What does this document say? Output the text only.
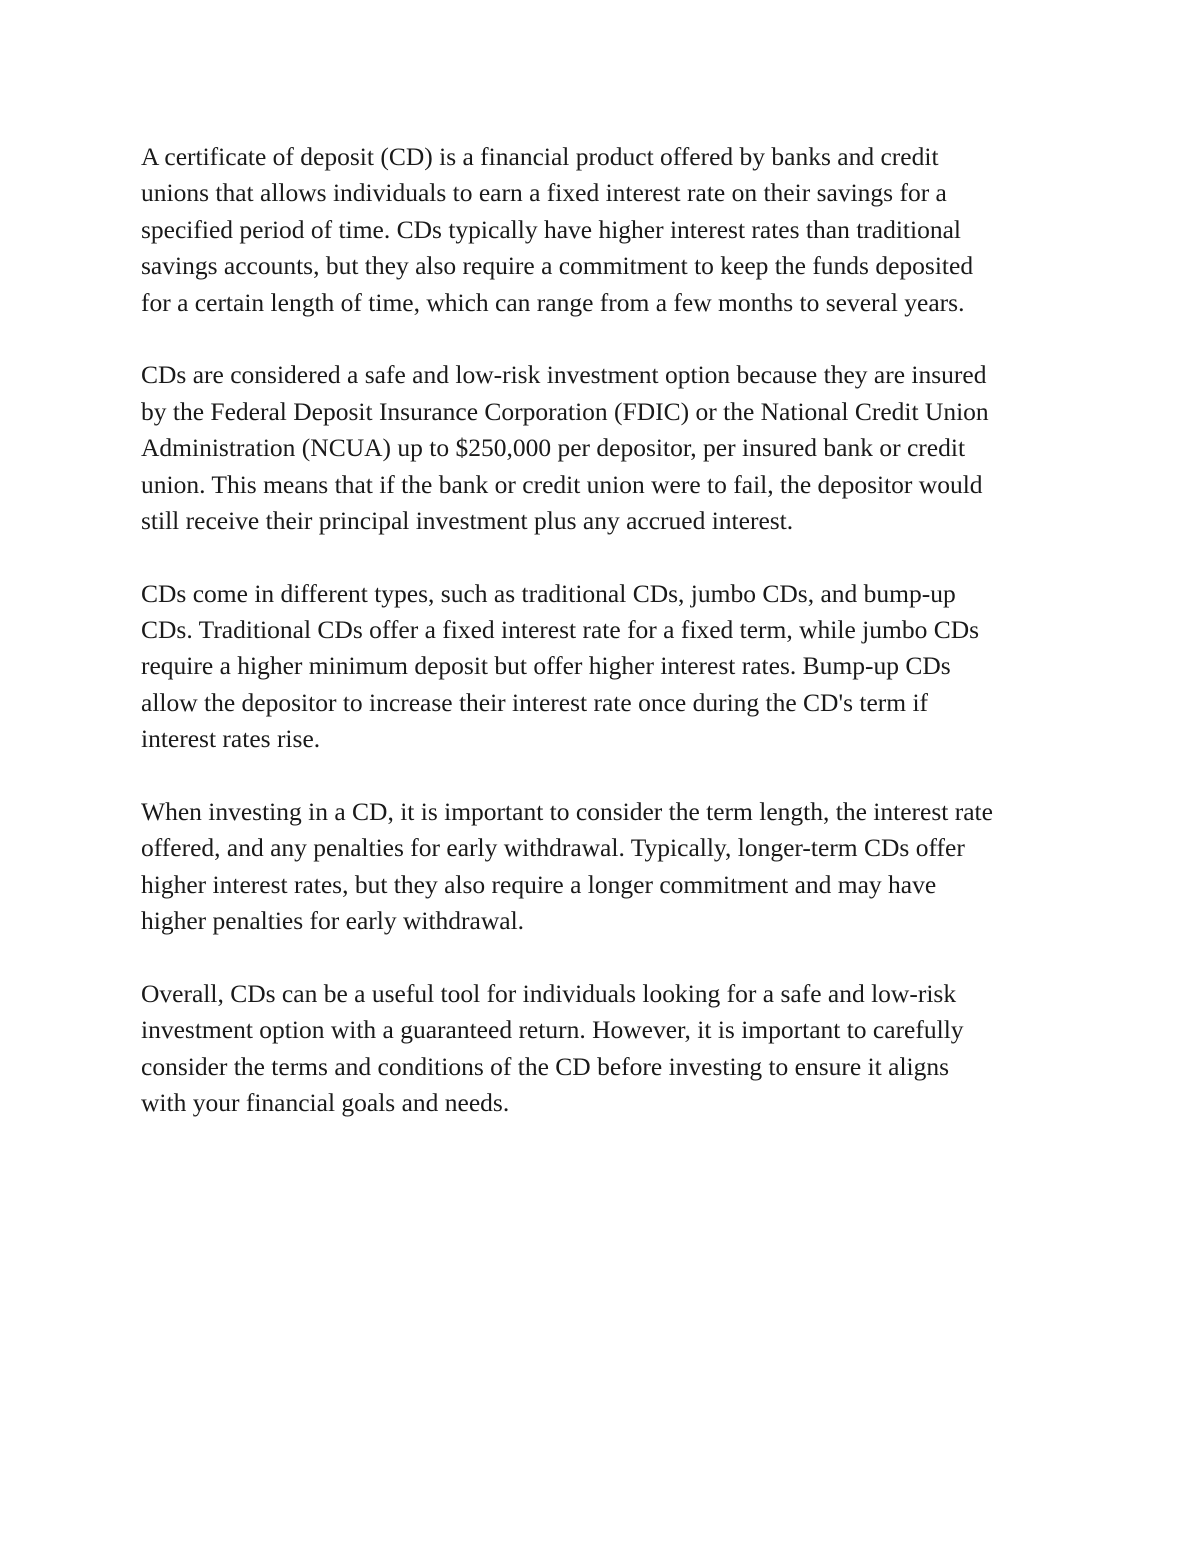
A certificate of deposit (CD) is a financial product offered by banks and credit
unions that allows individuals to earn a fixed interest rate on their savings for a
specified period of time. CDs typically have higher interest rates than traditional
savings accounts, but they also require a commitment to keep the funds deposited
for a certain length of time, which can range from a few months to several years.

CDs are considered a safe and low-risk investment option because they are insured
by the Federal Deposit Insurance Corporation (FDIC) or the National Credit Union
Administration (NCUA) up to $250,000 per depositor, per insured bank or credit
union. This means that if the bank or credit union were to fail, the depositor would
still receive their principal investment plus any accrued interest.

CDs come in different types, such as traditional CDs, jumbo CDs, and bump-up
CDs. Traditional CDs offer a fixed interest rate for a fixed term, while jumbo CDs
require a higher minimum deposit but offer higher interest rates. Bump-up CDs
allow the depositor to increase their interest rate once during the CD's term if
interest rates rise.

When investing in a CD, it is important to consider the term length, the interest rate
offered, and any penalties for early withdrawal. Typically, longer-term CDs offer
higher interest rates, but they also require a longer commitment and may have
higher penalties for early withdrawal.

Overall, CDs can be a useful tool for individuals looking for a safe and low-risk
investment option with a guaranteed return. However, it is important to carefully
consider the terms and conditions of the CD before investing to ensure it aligns
with your financial goals and needs.
